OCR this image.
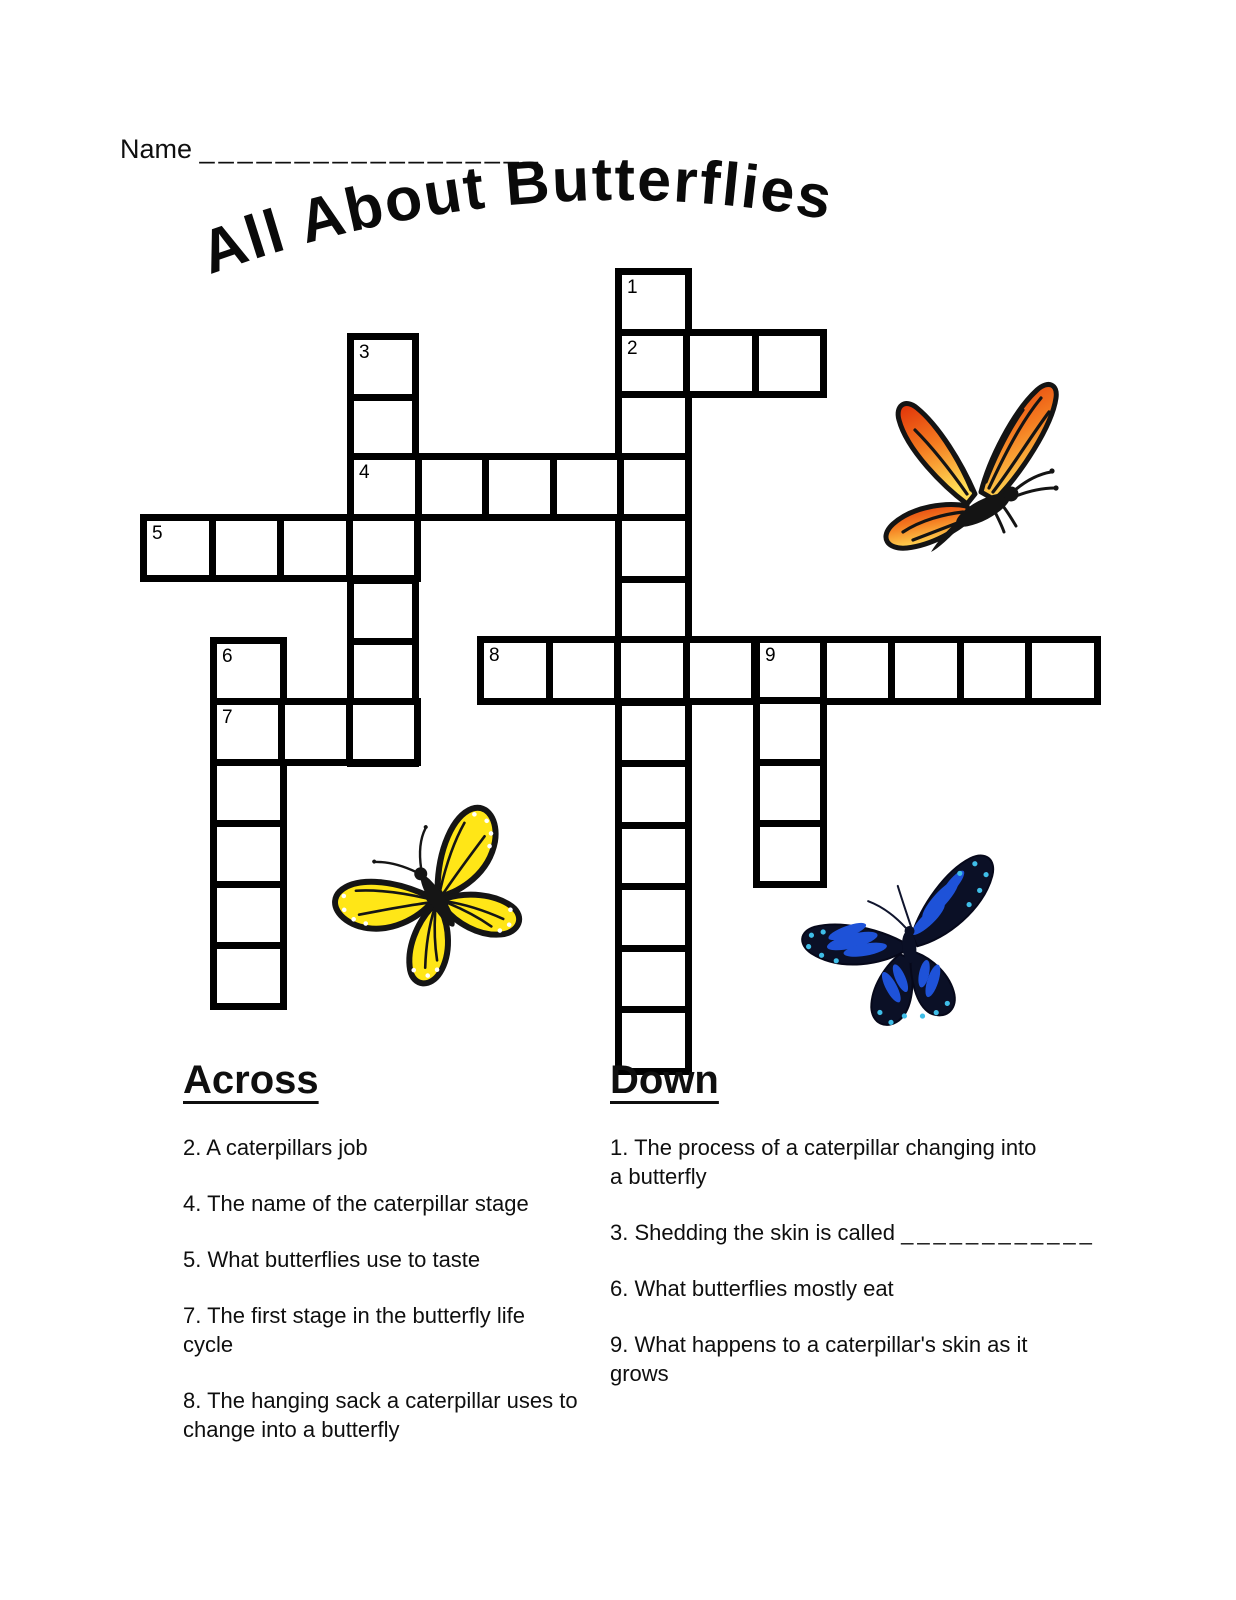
Name __________________
All About Butterflies
1
2
3
4
5
6
7
8	9
Across
2. A caterpillars job
4. The name of the caterpillar stage
5. What butterflies use to taste
7. The first stage in the butterfly life
cycle
8. The hanging sack a caterpillar uses to
change into a butterfly
Down
1. The process of a caterpillar changing into
a butterfly
3. Shedding the skin is called ____________
6. What butterflies mostly eat
9. What happens to a caterpillar's skin as it
grows
